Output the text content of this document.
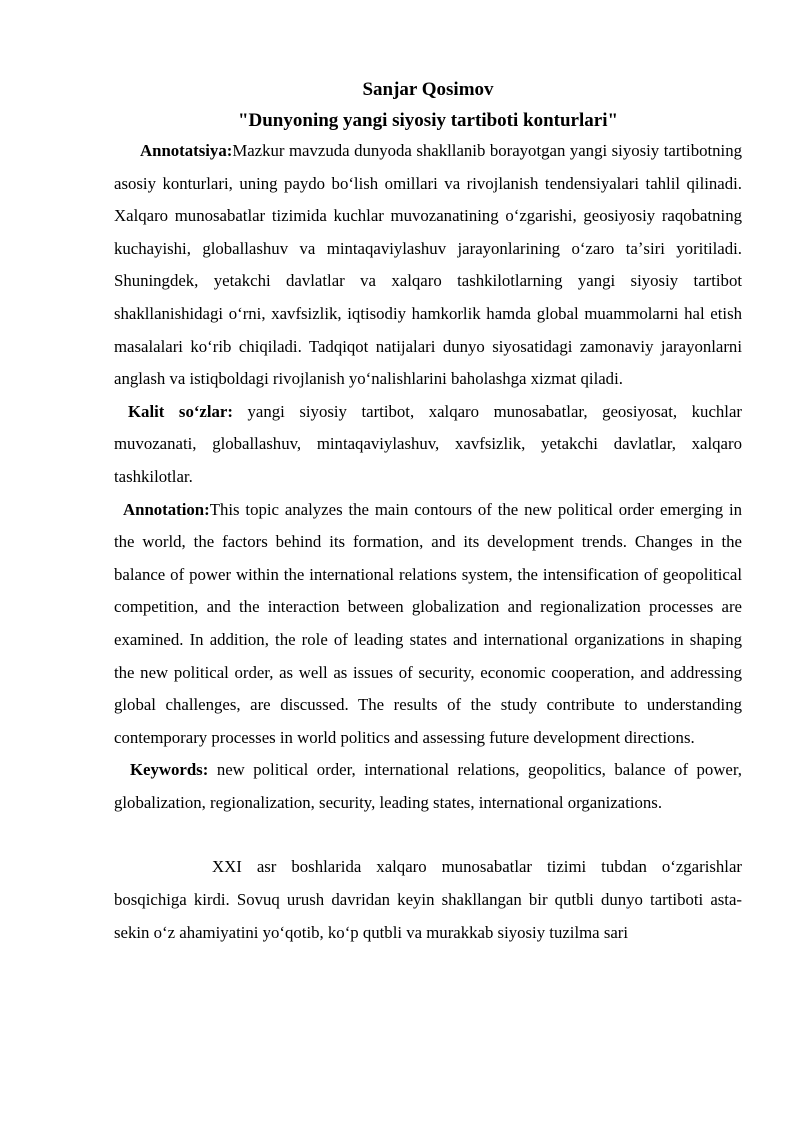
Sanjar Qosimov
"Dunyoning yangi siyosiy tartiboti konturlari"

Annotatsiya:Mazkur mavzuda dunyoda shakllanib borayotgan yangi siyosiy tartibotning asosiy konturlari, uning paydo boʻlish omillari va rivojlanish tendensiyalari tahlil qilinadi. Xalqaro munosabatlar tizimida kuchlar muvozanatining oʻzgarishi, geosiyosiy raqobatning kuchayishi, globallashuv va mintaqaviylashuv jarayonlarining oʻzaro taʼsiri yoritiladi. Shuningdek, yetakchi davlatlar va xalqaro tashkilotlarning yangi siyosiy tartibot shakllanishidagi oʻrni, xavfsizlik, iqtisodiy hamkorlik hamda global muammolarni hal etish masalalari koʻrib chiqiladi. Tadqiqot natijalari dunyo siyosatidagi zamonaviy jarayonlarni anglash va istiqboldagi rivojlanish yoʻnalishlarini baholashga xizmat qiladi.

Kalit soʻzlar: yangi siyosiy tartibot, xalqaro munosabatlar, geosiyosat, kuchlar muvozanati, globallashuv, mintaqaviylashuv, xavfsizlik, yetakchi davlatlar, xalqaro tashkilotlar.

Annotation:This topic analyzes the main contours of the new political order emerging in the world, the factors behind its formation, and its development trends. Changes in the balance of power within the international relations system, the intensification of geopolitical competition, and the interaction between globalization and regionalization processes are examined. In addition, the role of leading states and international organizations in shaping the new political order, as well as issues of security, economic cooperation, and addressing global challenges, are discussed. The results of the study contribute to understanding contemporary processes in world politics and assessing future development directions.

Keywords: new political order, international relations, geopolitics, balance of power, globalization, regionalization, security, leading states, international organizations.

XXI asr boshlarida xalqaro munosabatlar tizimi tubdan oʻzgarishlar bosqichiga kirdi. Sovuq urush davridan keyin shakllangan bir qutbli dunyo tartiboti asta-sekin oʻz ahamiyatini yoʻqotib, koʻp qutbli va murakkab siyosiy tuzilma sari
